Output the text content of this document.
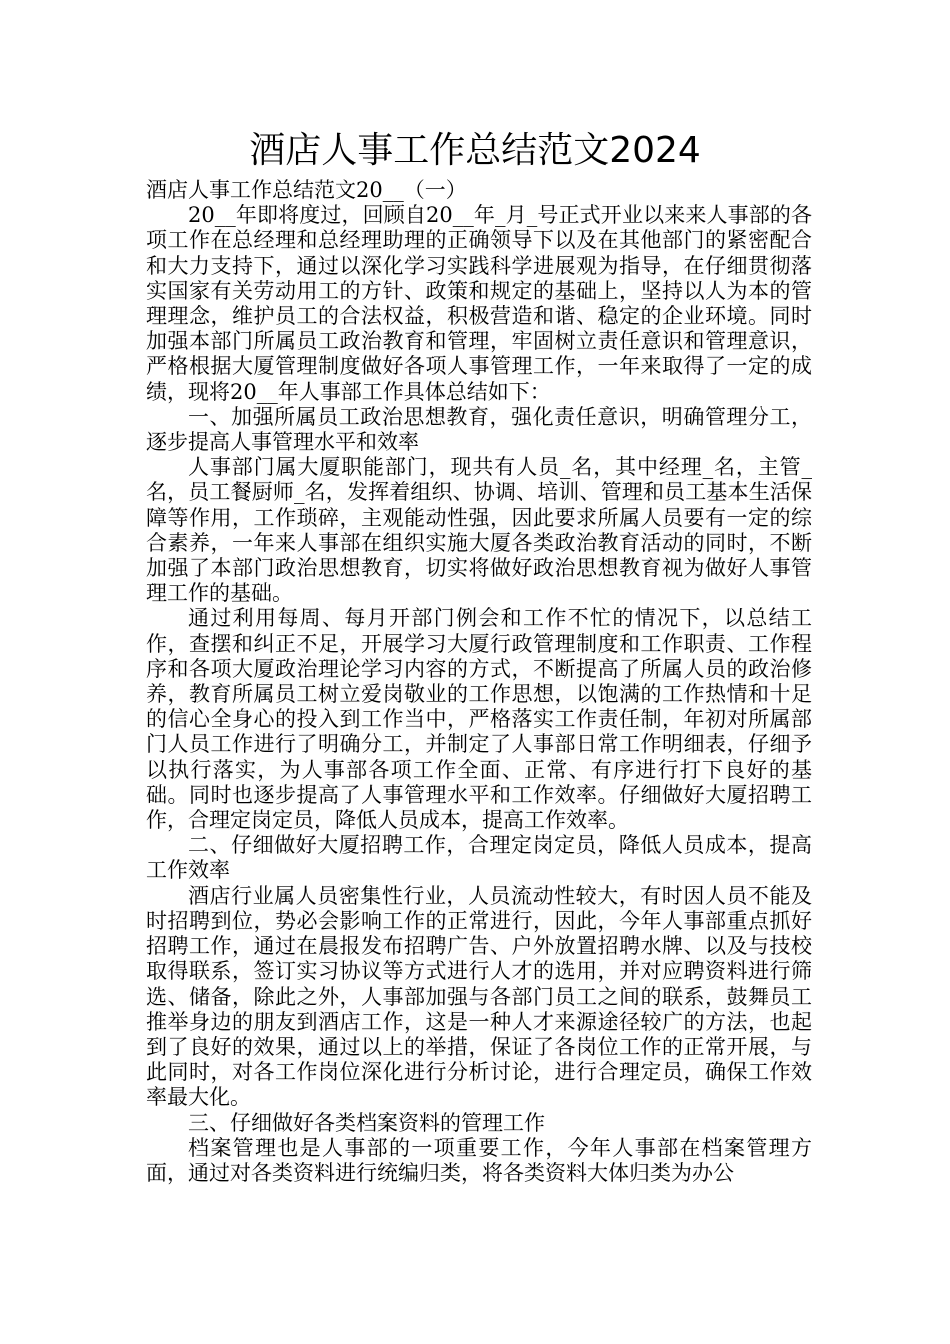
酒店人事工作总结范文2024

酒店人事工作总结范文20__（一）

20__年即将度过，回顾自20__年_月_号正式开业以来来人事部的各项工作在总经理和总经理助理的正确领导下以及在其他部门的紧密配合和大力支持下，通过以深化学习实践科学进展观为指导，在仔细贯彻落实国家有关劳动用工的方针、政策和规定的基础上，坚持以人为本的管理理念，维护员工的合法权益，积极营造和谐、稳定的企业环境。同时加强本部门所属员工政治教育和管理，牢固树立责任意识和管理意识，严格根据大厦管理制度做好各项人事管理工作，一年来取得了一定的成绩，现将20__年人事部工作具体总结如下：

一、加强所属员工政治思想教育，强化责任意识，明确管理分工，逐步提高人事管理水平和效率

人事部门属大厦职能部门，现共有人员_名，其中经理_名，主管_名，员工餐厨师_名，发挥着组织、协调、培训、管理和员工基本生活保障等作用，工作琐碎，主观能动性强，因此要求所属人员要有一定的综合素养，一年来人事部在组织实施大厦各类政治教育活动的同时，不断加强了本部门政治思想教育，切实将做好政治思想教育视为做好人事管理工作的基础。

通过利用每周、每月开部门例会和工作不忙的情况下，以总结工作，查摆和纠正不足，开展学习大厦行政管理制度和工作职责、工作程序和各项大厦政治理论学习内容的方式，不断提高了所属人员的政治修养，教育所属员工树立爱岗敬业的工作思想，以饱满的工作热情和十足的信心全身心的投入到工作当中，严格落实工作责任制，年初对所属部门人员工作进行了明确分工，并制定了人事部日常工作明细表，仔细予以执行落实，为人事部各项工作全面、正常、有序进行打下良好的基础。同时也逐步提高了人事管理水平和工作效率。仔细做好大厦招聘工作，合理定岗定员，降低人员成本，提高工作效率。

二、仔细做好大厦招聘工作，合理定岗定员，降低人员成本，提高工作效率

酒店行业属人员密集性行业，人员流动性较大，有时因人员不能及时招聘到位，势必会影响工作的正常进行，因此，今年人事部重点抓好招聘工作，通过在晨报发布招聘广告、户外放置招聘水牌、以及与技校取得联系，签订实习协议等方式进行人才的选用，并对应聘资料进行筛选、储备，除此之外，人事部加强与各部门员工之间的联系，鼓舞员工推举身边的朋友到酒店工作，这是一种人才来源途径较广的方法，也起到了良好的效果，通过以上的举措，保证了各岗位工作的正常开展，与此同时，对各工作岗位深化进行分析讨论，进行合理定员，确保工作效率最大化。

三、仔细做好各类档案资料的管理工作

档案管理也是人事部的一项重要工作，今年人事部在档案管理方面，通过对各类资料进行统编归类，将各类资料大体归类为办公
